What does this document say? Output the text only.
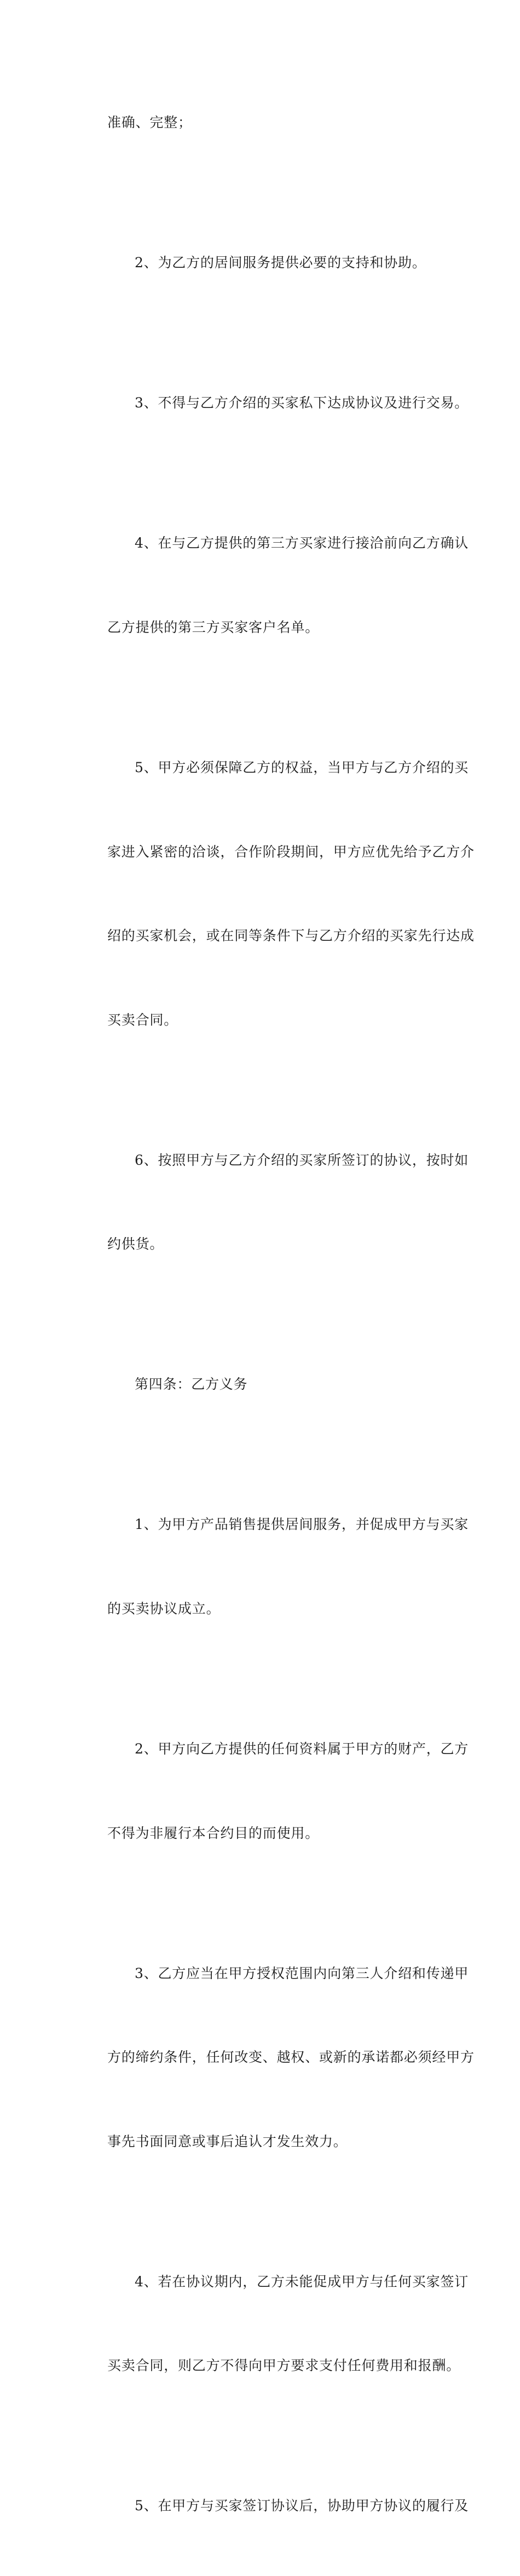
准确、完整；

2、为乙方的居间服务提供必要的支持和协助。

3、不得与乙方介绍的买家私下达成协议及进行交易。

4、在与乙方提供的第三方买家进行接洽前向乙方确认

乙方提供的第三方买家客户名单。

5、甲方必须保障乙方的权益，当甲方与乙方介绍的买

家进入紧密的洽谈，合作阶段期间，甲方应优先给予乙方介

绍的买家机会，或在同等条件下与乙方介绍的买家先行达成

买卖合同。

6、按照甲方与乙方介绍的买家所签订的协议，按时如

约供货。

第四条：乙方义务

1、为甲方产品销售提供居间服务，并促成甲方与买家

的买卖协议成立。

2、甲方向乙方提供的任何资料属于甲方的财产，乙方

不得为非履行本合约目的而使用。

3、乙方应当在甲方授权范围内向第三人介绍和传递甲

方的缔约条件，任何改变、越权、或新的承诺都必须经甲方

事先书面同意或事后追认才发生效力。

4、若在协议期内，乙方未能促成甲方与任何买家签订

买卖合同，则乙方不得向甲方要求支付任何费用和报酬。

5、在甲方与买家签订协议后，协助甲方协议的履行及
